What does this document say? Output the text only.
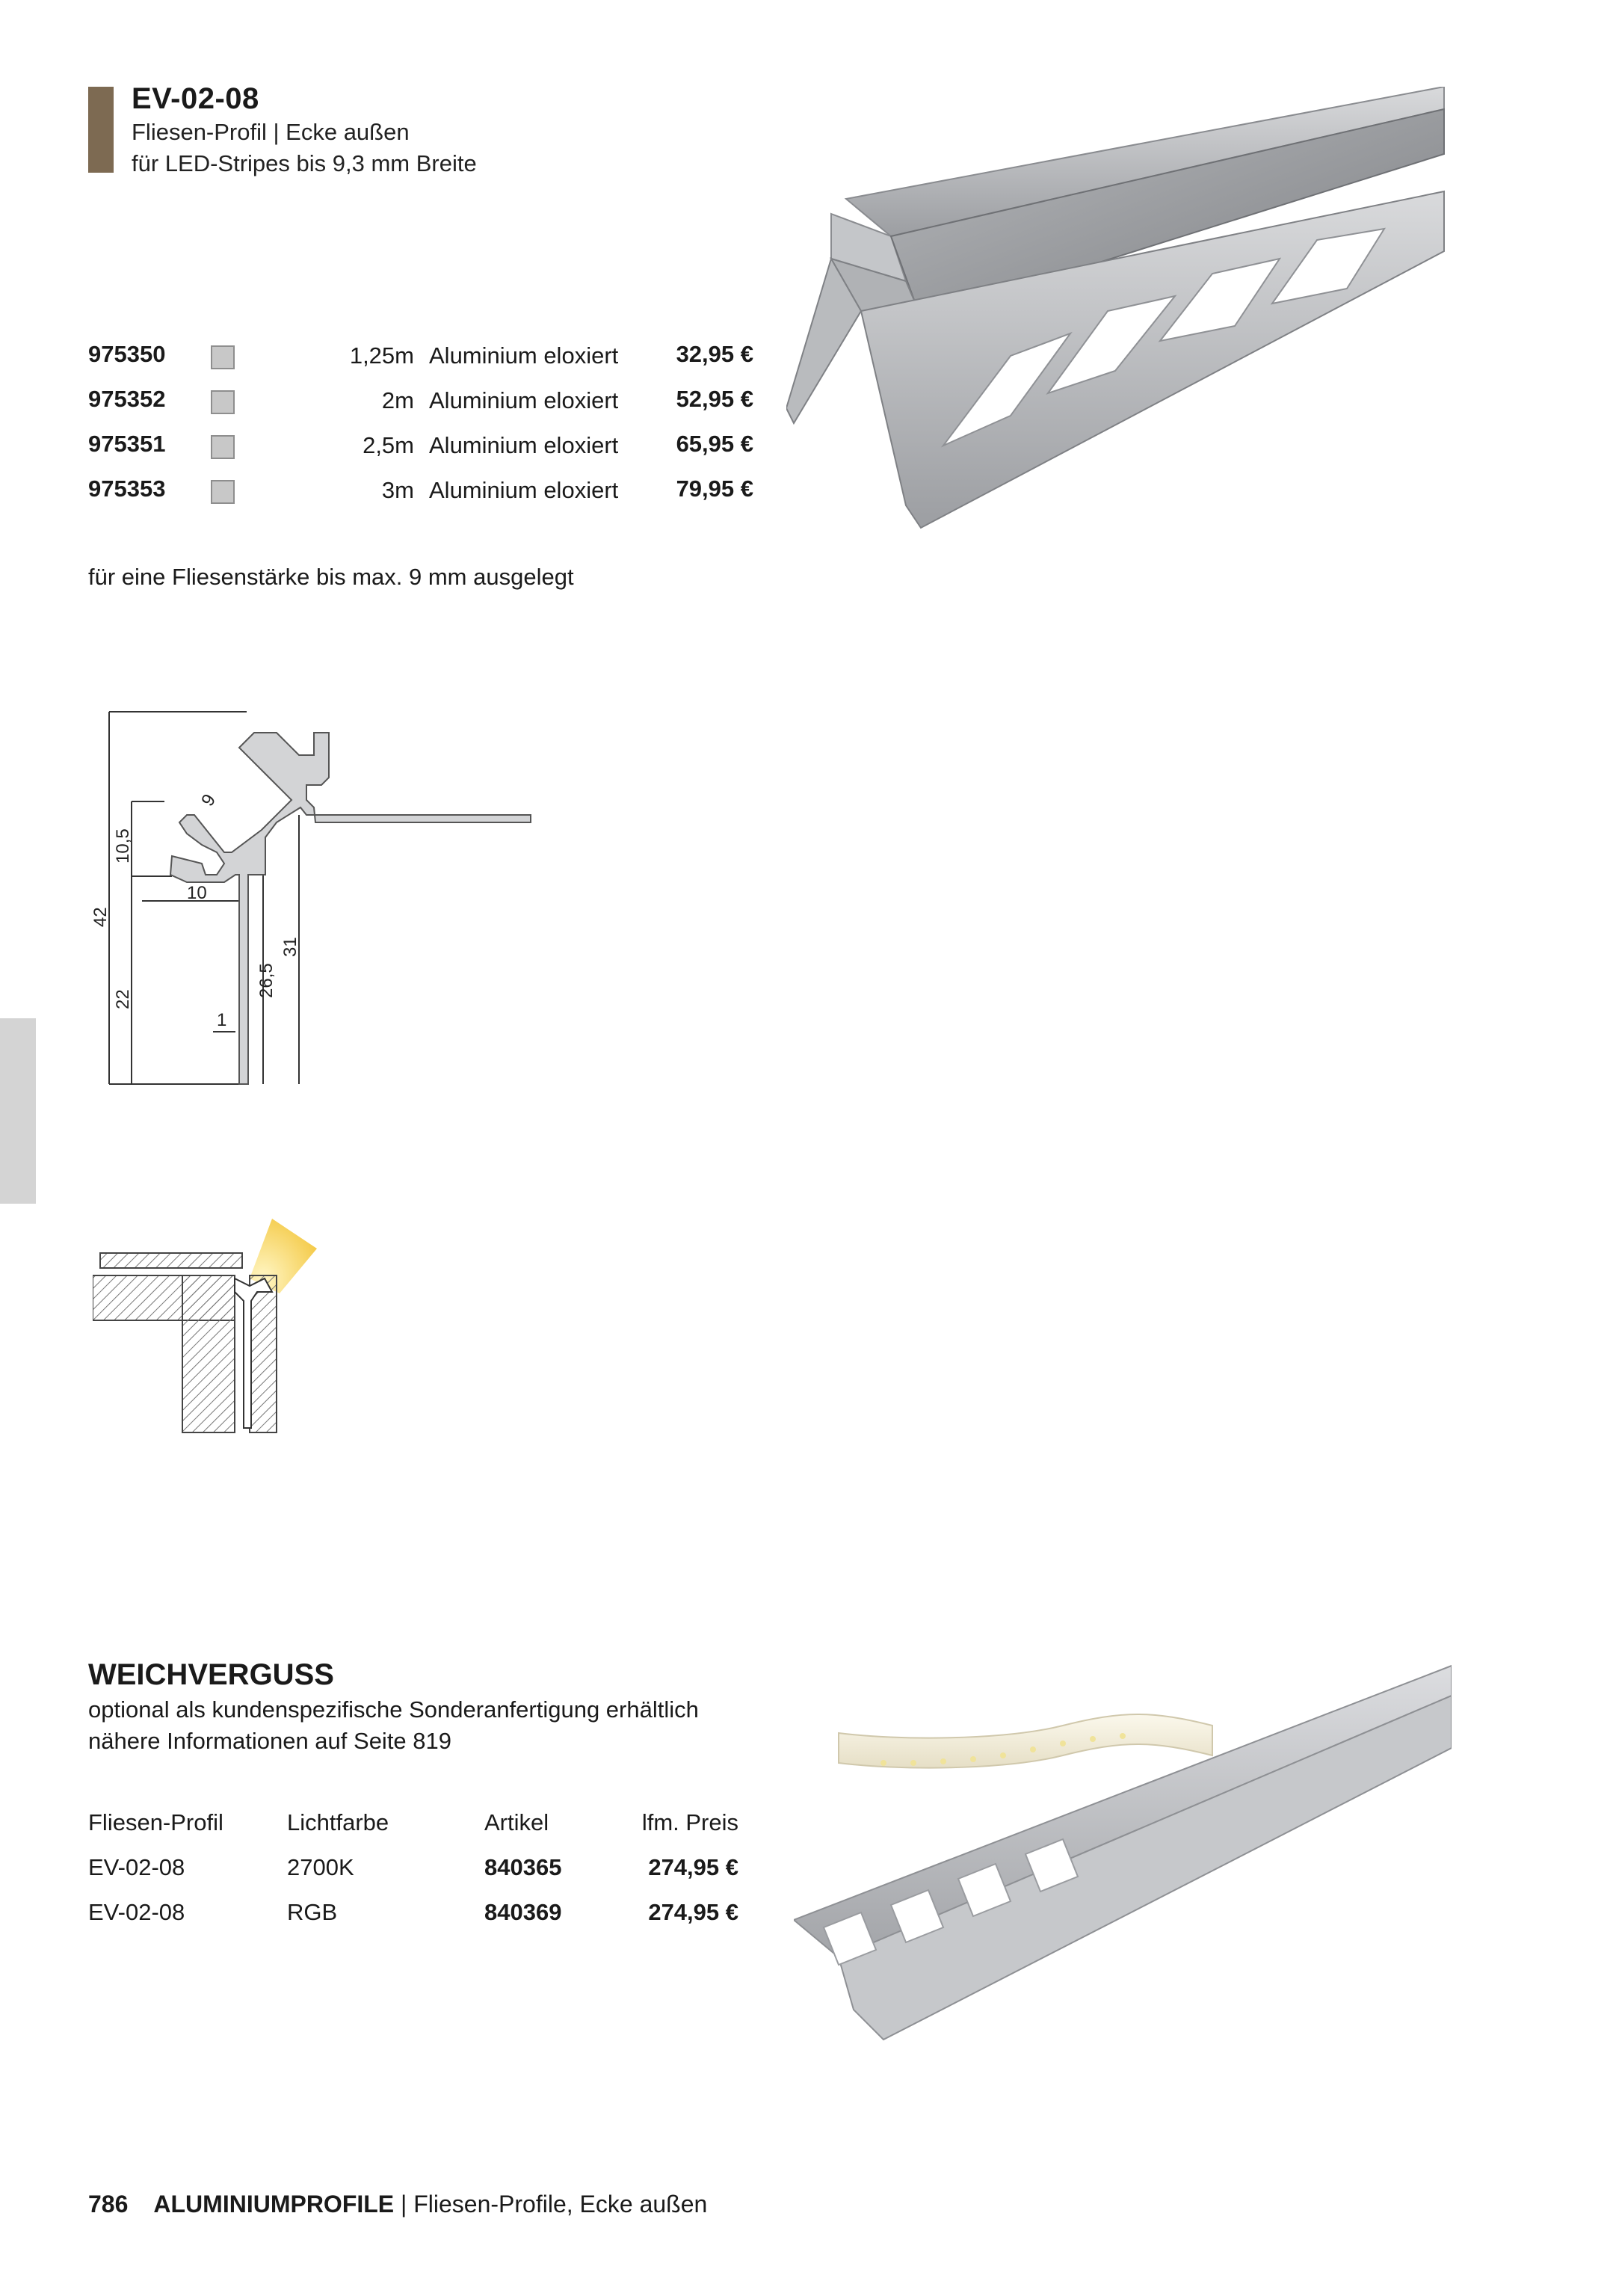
EV-02-08
Fliesen-Profil | Ecke außen
für LED-Stripes bis 9,3 mm Breite
975350	1,25m Aluminium eloxiert 32,95 €
975352	2m Aluminium eloxiert 52,95 €
975351	2,5m Aluminium eloxiert 65,95 €
975353	3m Aluminium eloxiert 79,95 €
für eine Fliesenstärke bis max. 9 mm ausgelegt
9
10,5
42
10
22
26,5
31
1
WEICHVERGUSS
optional als kundenspezifische Sonderanfertigung erhältlich
nähere Informationen auf Seite 819
Fliesen-Profil	Lichtfarbe	Artikel	lfm. Preis
EV-02-08	2700K	840365	274,95 €
EV-02-08	RGB	840369	274,95 €
786 ALUMINIUMPROFILE | Fliesen-Profile, Ecke außen
